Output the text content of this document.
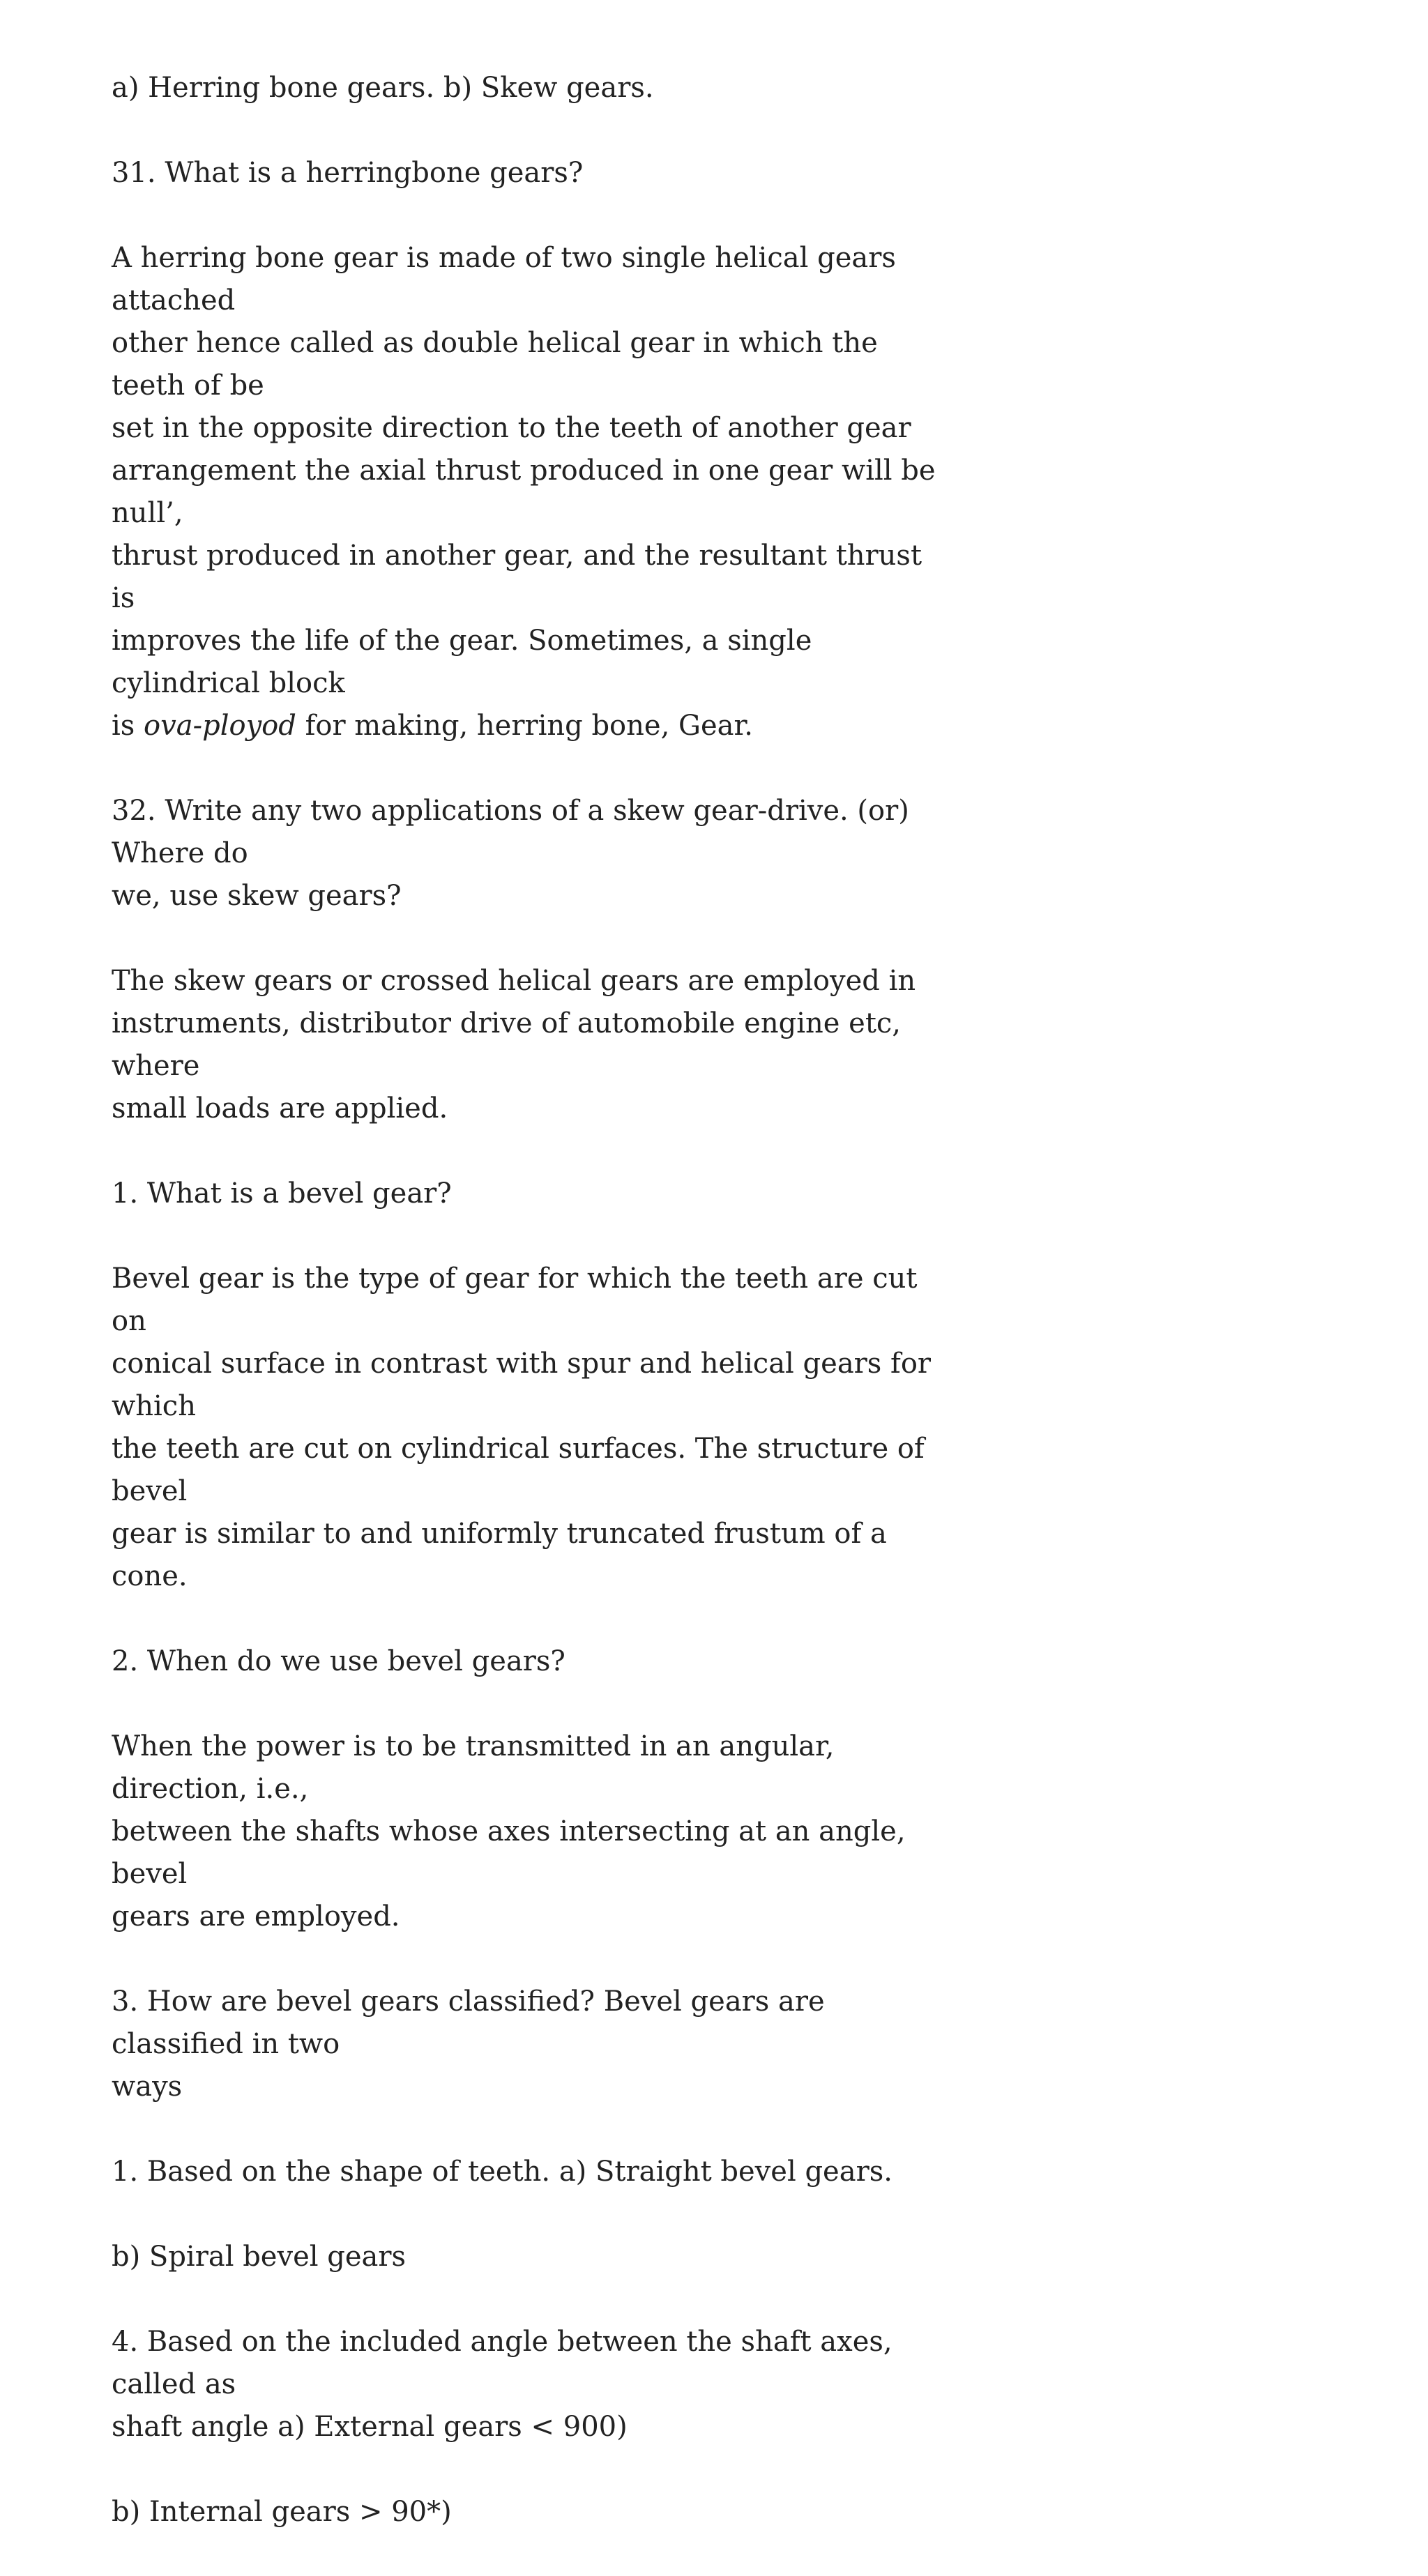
a) Herring bone gears. b) Skew gears.

31. What is a herringbone gears?

A herring bone gear is made of two single helical gears attached
other hence called as double helical gear in which the teeth of be
set in the opposite direction to the teeth of another gear
arrangement the axial thrust produced in one gear will be null’,
thrust produced in another gear, and the resultant thrust is
improves the life of the gear. Sometimes, a single cylindrical block
is ova-ployod for making, herring bone, Gear.

32. Write any two applications of a skew gear-drive. (or) Where do
we, use skew gears?

The skew gears or crossed helical gears are employed in
instruments, distributor drive of automobile engine etc, where
small loads are applied.

1. What is a bevel gear?

Bevel gear is the type of gear for which the teeth are cut on
conical surface in contrast with spur and helical gears for which
the teeth are cut on cylindrical surfaces. The structure of bevel
gear is similar to and uniformly truncated frustum of a cone.

2. When do we use bevel gears?

When the power is to be transmitted in an angular, direction, i.e.,
between the shafts whose axes intersecting at an angle, bevel
gears are employed.

3. How are bevel gears classified? Bevel gears are classified in two
ways

1. Based on the shape of teeth. a) Straight bevel gears.

b) Spiral bevel gears

4. Based on the included angle between the shaft axes, called as
shaft angle a) External gears < 900)

b) Internal gears > 90*)
